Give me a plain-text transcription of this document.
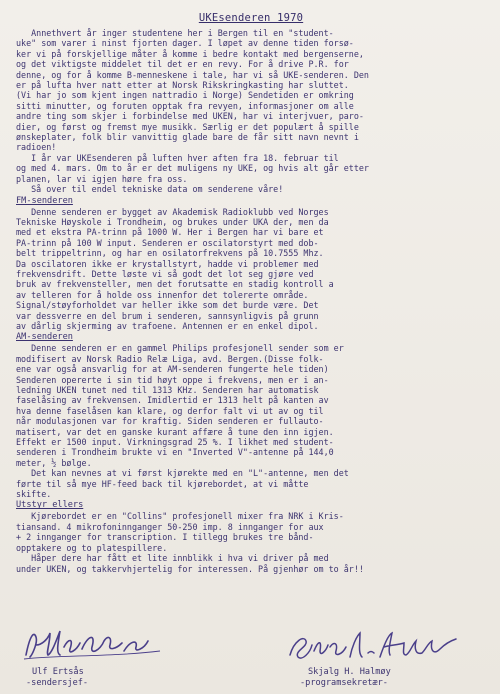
UKEsenderen 1970

Annethvert år inger studentene her i Bergen til en "student-
uke" som varer i ninst fjorten dager. I løpet av denne tiden forsø-
ker vi på forskjellige måter å komme i bedre kontakt med bergenserne,
og det viktigste middelet til det er en revy. For å drive P.R. for
denne, og for å komme B-menneskene i tale, har vi så UKE-senderen. Den
er på lufta hver natt etter at Norsk Rikskringkasting har sluttet.
(Vi har jo som kjent ingen nattradio i Norge) Sendetiden er omkring
sitti minutter, og foruten opptak fra revyen, informasjoner om alle
andre ting som skjer i forbindelse med UKEN, har vi interjvuer, paro-
dier, og først og fremst mye musikk. Særlig er det populært å spille
ønskeplater, folk blir vanvittig glade bare de får sitt navn nevnt i
radioen!

I år var UKEsenderen på luften hver aften fra 18. februar til
og med 4. mars. Om to år er det muligens ny UKE, og hvis alt går etter
planen, lar vi igjen høre fra oss.
Så over til endel tekniske data om senderene våre!

FM-senderen

Denne senderen er bygget av Akademisk Radioklubb ved Norges
Tekniske Høyskole i Trondheim, og brukes under UKA der, men da
med et ekstra PA-trinn på 1000 W. Her i Bergen har vi bare et
PA-trinn på 100 W input. Senderen er oscilatorstyrt med dob-
belt trippeltrinn, og har en osilatorfrekvens på 10.7555 Mhz.
Da oscilatoren ikke er krystallstyrt, hadde vi problemer med
frekvensdrift. Dette løste vi så godt det lot seg gjøre ved
bruk av frekvensteller, men det forutsatte en stadig kontroll a
av telleren for å holde oss innenfor det tolererte område.
Signal/støyforholdet var heller ikke som det burde være. Det
var dessverre en del brum i senderen, sannsynligvis på grunn
av dårlig skjerming av trafoene. Antennen er en enkel dipol.

AM-senderen

Denne senderen er en gammel Philips profesjonell sender som er
modifisert av Norsk Radio Relæ Liga, avd. Bergen.(Disse folk-
ene var også ansvarlig for at AM-senderen fungerte hele tiden)
Senderen opererte i sin tid høyt oppe i frekvens, men er i an-
ledning UKEN tunet ned til 1313 KHz. Senderen har automatisk
faselåsing av frekvensen. Imidlertid er 1313 helt på kanten av
hva denne faselåsen kan klare, og derfor falt vi ut av og til
når modulasjonen var for kraftig. Siden senderen er fullauto-
matisert, var det en ganske kurant affære å tune den inn igjen.
Effekt er 1500 input. Virkningsgrad 25 %. I likhet med student-
senderen i Trondheim brukte vi en "Inverted V"-antenne på 144,0
meter, ½ bølge.
Det kan nevnes at vi først kjørekte med en "L"-antenne, men det
førte til så mye HF-feed back til kjørebordet, at vi måtte
skifte.

Utstyr ellers

Kjørebordet er en "Collins" profesjonell mixer fra NRK i Kris-
tiansand. 4 mikrofoninnganger 50-250 imp. 8 innganger for aux
+ 2 innganger for transcription. I tillegg brukes tre bånd-
opptakere og to platespillere.

Håper dere har fått et lite innblikk i hva vi driver på med
under UKEN, og takkervhjertelig for interessen. På gjenhør om to år!!

Ulf Ertsås
-sendersjef-
Skjalg H. Halmøy
-programsekretær-
